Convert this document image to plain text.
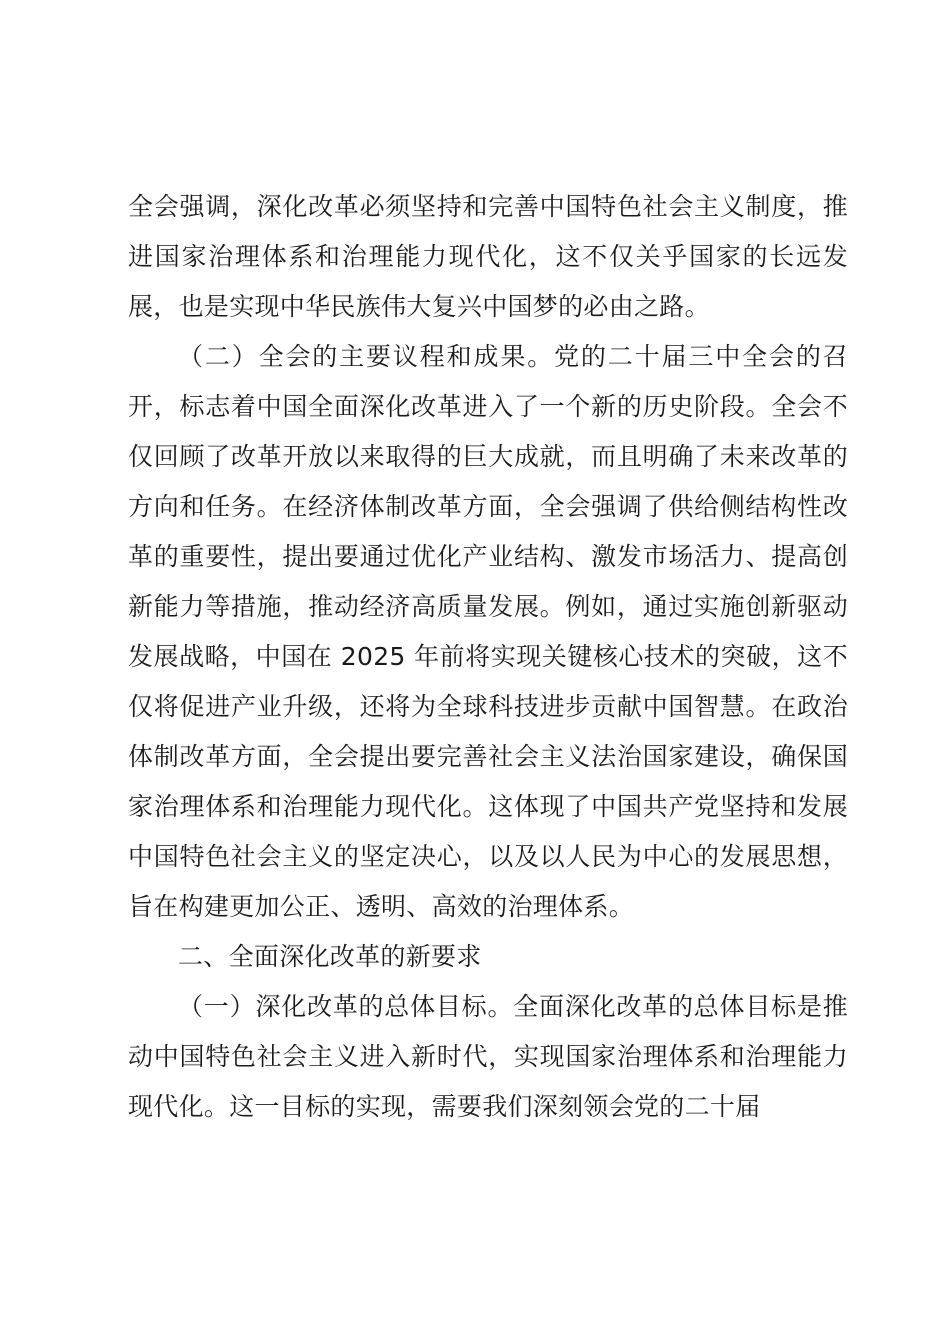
全会强调，深化改革必须坚持和完善中国特色社会主义制度，推进国家治理体系和治理能力现代化，这不仅关乎国家的长远发展，也是实现中华民族伟大复兴中国梦的必由之路。

（二）全会的主要议程和成果。党的二十届三中全会的召开，标志着中国全面深化改革进入了一个新的历史阶段。全会不仅回顾了改革开放以来取得的巨大成就，而且明确了未来改革的方向和任务。在经济体制改革方面，全会强调了供给侧结构性改革的重要性，提出要通过优化产业结构、激发市场活力、提高创新能力等措施，推动经济高质量发展。例如，通过实施创新驱动发展战略，中国在 2025 年前将实现关键核心技术的突破，这不仅将促进产业升级，还将为全球科技进步贡献中国智慧。在政治体制改革方面，全会提出要完善社会主义法治国家建设，确保国家治理体系和治理能力现代化。这体现了中国共产党坚持和发展中国特色社会主义的坚定决心，以及以人民为中心的发展思想，旨在构建更加公正、透明、高效的治理体系。

二、全面深化改革的新要求

（一）深化改革的总体目标。全面深化改革的总体目标是推动中国特色社会主义进入新时代，实现国家治理体系和治理能力现代化。这一目标的实现，需要我们深刻领会党的二十届
